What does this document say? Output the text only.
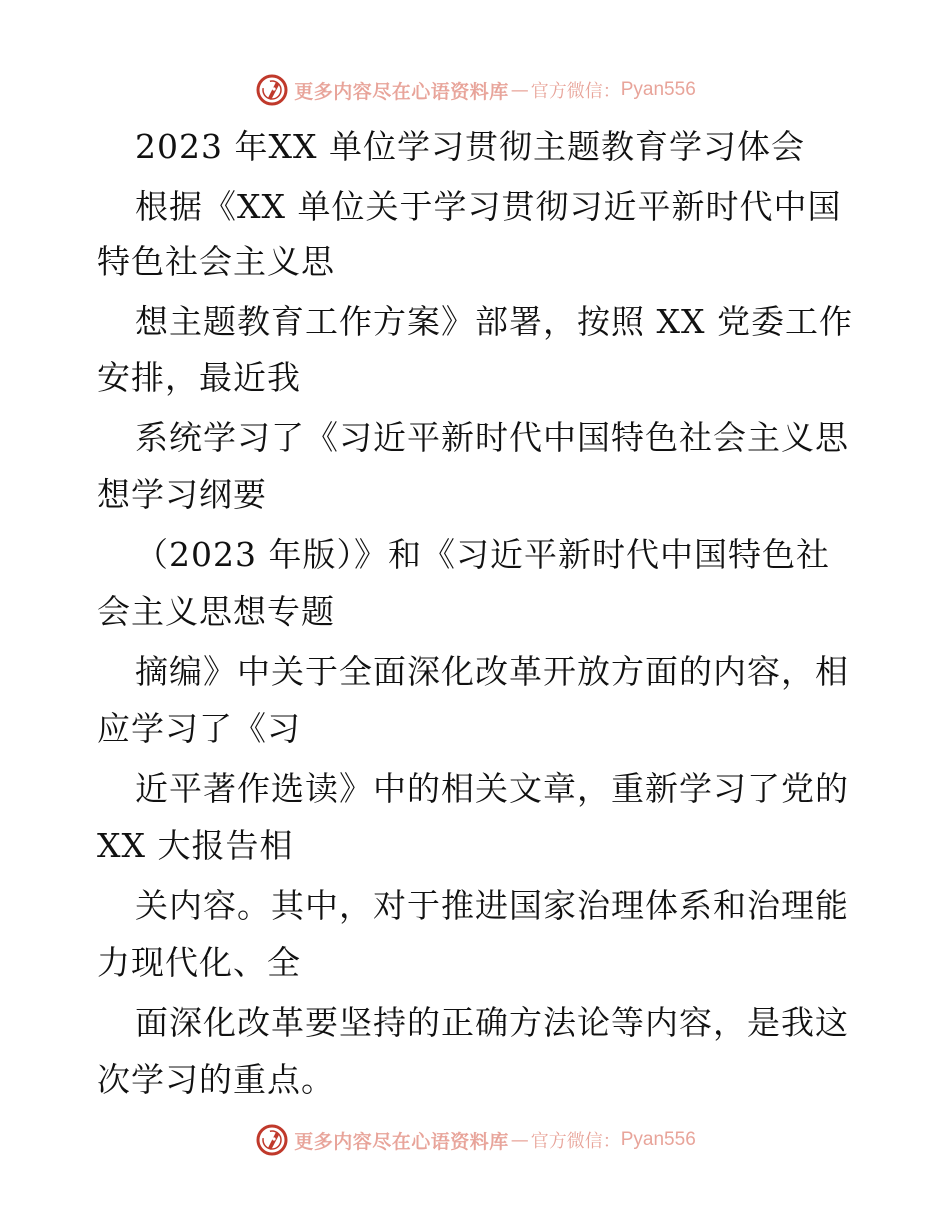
更多内容尽在心语资料库 — 官方微信： Pyan556
2023 年XX 单位学习贯彻主题教育学习体会
根据《XX 单位关于学习贯彻习近平新时代中国
特色社会主义思
想主题教育工作方案》部署，按照 XX 党委工作
安排，最近我
系统学习了《习近平新时代中国特色社会主义思
想学习纲要
（2023 年版）》和《习近平新时代中国特色社
会主义思想专题
摘编》中关于全面深化改革开放方面的内容，相
应学习了《习
近平著作选读》中的相关文章，重新学习了党的
XX 大报告相
关内容。其中，对于推进国家治理体系和治理能
力现代化、全
面深化改革要坚持的正确方法论等内容，是我这
次学习的重点。
更多内容尽在心语资料库 — 官方微信： Pyan556
